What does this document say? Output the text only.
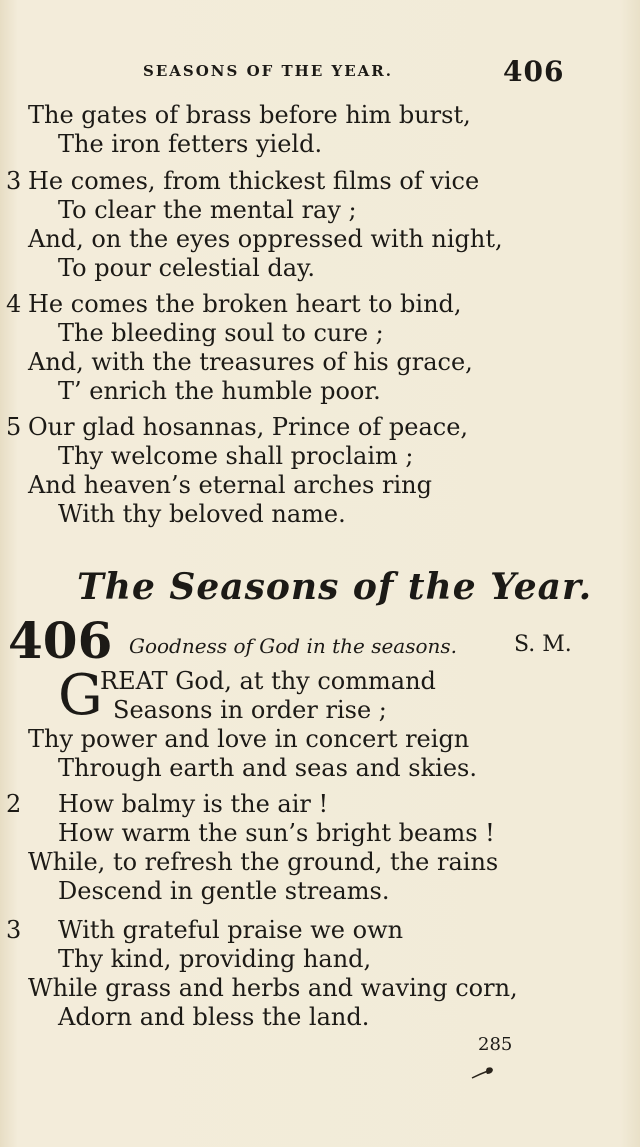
SEASONS OF THE YEAR.	406
The gates of brass before him burst,
The iron fetters yield.
3 He comes, from thickest films of vice
To clear the mental ray ;
And, on the eyes oppressed with night,
To pour celestial day.
4 He comes the broken heart to bind,
The bleeding soul to cure ;
And, with the treasures of his grace,
T’ enrich the humble poor.
5 Our glad hosannas, Prince of peace,
Thy welcome shall proclaim ;
And heaven’s eternal arches ring
With thy beloved name.
The Seasons of the Year.
406 Goodness of God in the seasons.	S. M.
G
REAT God, at thy command
Seasons in order rise ;
Thy power and love in concert reign
Through earth and seas and skies.
2 How balmy is the air !
How warm the sun’s bright beams !
While, to refresh the ground, the rains
Descend in gentle streams.
3 With grateful praise we own
Thy kind, providing hand,
While grass and herbs and waving corn,
Adorn and bless the land.
285
